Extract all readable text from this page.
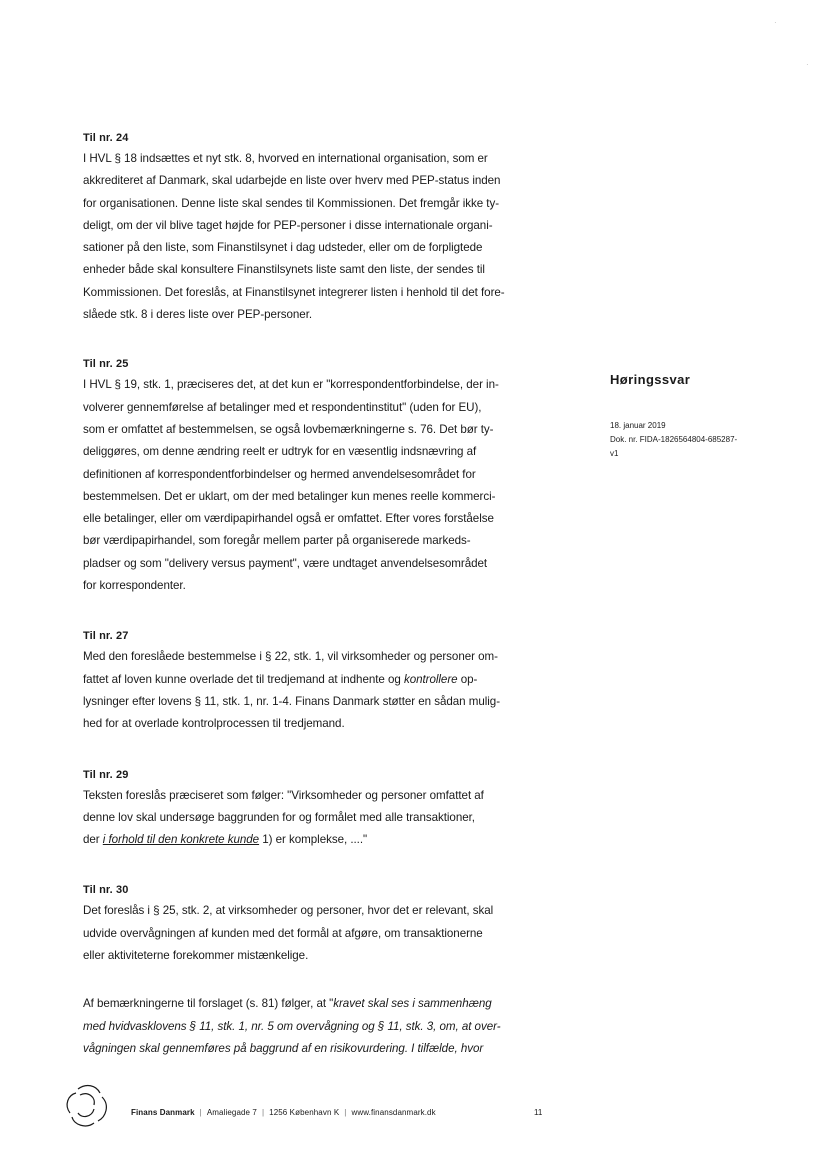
·
·

Til nr. 24

I HVL § 18 indsættes et nyt stk. 8, hvorved en international organisation, som er
akkrediteret af Danmark, skal udarbejde en liste over hverv med PEP-status inden
for organisationen. Denne liste skal sendes til Kommissionen. Det fremgår ikke ty-
deligt, om der vil blive taget højde for PEP-personer i disse internationale organi-
sationer på den liste, som Finanstilsynet i dag udsteder, eller om de forpligtede
enheder både skal konsultere Finanstilsynets liste samt den liste, der sendes til
Kommissionen. Det foreslås, at Finanstilsynet integrerer listen i henhold til det fore-
slåede stk. 8 i deres liste over PEP-personer.

Til nr. 25

I HVL § 19, stk. 1, præciseres det, at det kun er "korrespondentforbindelse, der in-
volverer gennemførelse af betalinger med et respondentinstitut" (uden for EU),
som er omfattet af bestemmelsen, se også lovbemærkningerne s. 76. Det bør ty-
deliggøres, om denne ændring reelt er udtryk for en væsentlig indsnævring af
definitionen af korrespondentforbindelser og hermed anvendelsesområdet for
bestemmelsen. Det er uklart, om der med betalinger kun menes reelle kommerci-
elle betalinger, eller om værdipapirhandel også er omfattet. Efter vores forståelse
bør værdipapirhandel, som foregår mellem parter på organiserede markeds-
pladser og som "delivery versus payment", være undtaget anvendelsesområdet
for korrespondenter.

Til nr. 27

Med den foreslåede bestemmelse i § 22, stk. 1, vil virksomheder og personer om-
fattet af loven kunne overlade det til tredjemand at indhente og kontrollere op-
lysninger efter lovens § 11, stk. 1, nr. 1-4. Finans Danmark støtter en sådan mulig-
hed for at overlade kontrolprocessen til tredjemand.

Til nr. 29

Teksten foreslås præciseret som følger: "Virksomheder og personer omfattet af
denne lov skal undersøge baggrunden for og formålet med alle transaktioner,
der i forhold til den konkrete kunde 1) er komplekse, ...."

Til nr. 30

Det foreslås i § 25, stk. 2, at virksomheder og personer, hvor det er relevant, skal
udvide overvågningen af kunden med det formål at afgøre, om transaktionerne
eller aktiviteterne forekommer mistænkelige.

Af bemærkningerne til forslaget (s. 81) følger, at "kravet skal ses i sammenhæng
med hvidvasklovens § 11, stk. 1, nr. 5 om overvågning og § 11, stk. 3, om, at over-
vågningen skal gennemføres på baggrund af en risikovurdering. I tilfælde, hvor

Høringssvar

18. januar 2019

Dok. nr. FIDA-1826564804-685287-

v1

Finans Danmark | Amaliegade 7 | 1256 København K | www.finansdanmark.dk	11
